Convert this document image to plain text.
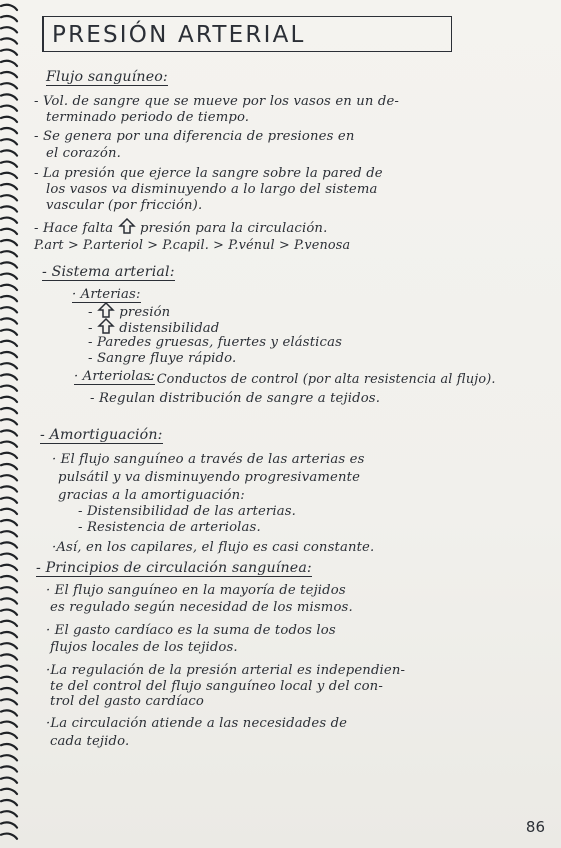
PRESIÓN ARTERIAL
Flujo sanguíneo:
- Vol. de sangre que se mueve por los vasos en un de-
terminado periodo de tiempo.
- Se genera por una diferencia de presiones en
el corazón.
- La presión que ejerce la sangre sobre la pared de
los vasos va disminuyendo a lo largo del sistema
vascular (por fricción).
- Hace falta presión para la circulación.
P.art > P.arteriol > P.capil. > P.vénul > P.venosa
- Sistema arterial:
· Arterias:
-  presión
-  distensibilidad
- Paredes gruesas, fuertes y elásticas
- Sangre fluye rápido.
· Arteriolas:
- Conductos de control (por alta resistencia al flujo).
- Regulan distribución de sangre a tejidos.
- Amortiguación:
· El flujo sanguíneo a través de las arterias es
pulsátil y va disminuyendo progresivamente
gracias a la amortiguación:
- Distensibilidad de las arterias.
- Resistencia de arteriolas.
·Así, en los capilares, el flujo es casi constante.
- Principios de circulación sanguínea:
· El flujo sanguíneo en la mayoría de tejidos
es regulado según necesidad de los mismos.
· El gasto cardíaco es la suma de todos los
flujos locales de los tejidos.
·La regulación de la presión arterial es independien-
te del control del flujo sanguíneo local y del con-
trol del gasto cardíaco
·La circulación atiende a las necesidades de
cada tejido.
86
